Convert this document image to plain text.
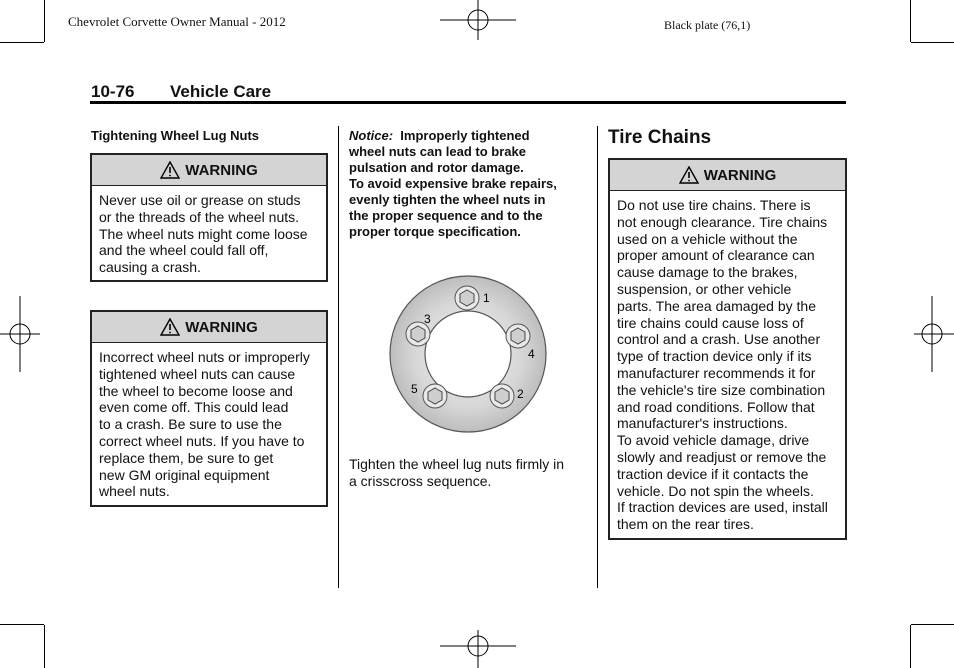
Chevrolet Corvette Owner Manual - 2012	Black plate (76,1)
10-76 Vehicle Care
Tightening Wheel Lug Nuts
WARNING
Never use oil or grease on studs
or the threads of the wheel nuts.
The wheel nuts might come loose
and the wheel could fall off,
causing a crash.
WARNING
Incorrect wheel nuts or improperly
tightened wheel nuts can cause
the wheel to become loose and
even come off. This could lead
to a crash. Be sure to use the
correct wheel nuts. If you have to
replace them, be sure to get
new GM original equipment
wheel nuts.
Notice: Improperly tightened
wheel nuts can lead to brake
pulsation and rotor damage.
To avoid expensive brake repairs,
evenly tighten the wheel nuts in
the proper sequence and to the
proper torque specification.
1
2
3
4
5
Tighten the wheel lug nuts firmly in
a crisscross sequence.
Tire Chains
WARNING
Do not use tire chains. There is
not enough clearance. Tire chains
used on a vehicle without the
proper amount of clearance can
cause damage to the brakes,
suspension, or other vehicle
parts. The area damaged by the
tire chains could cause loss of
control and a crash. Use another
type of traction device only if its
manufacturer recommends it for
the vehicle's tire size combination
and road conditions. Follow that
manufacturer's instructions.
To avoid vehicle damage, drive
slowly and readjust or remove the
traction device if it contacts the
vehicle. Do not spin the wheels.
If traction devices are used, install
them on the rear tires.
